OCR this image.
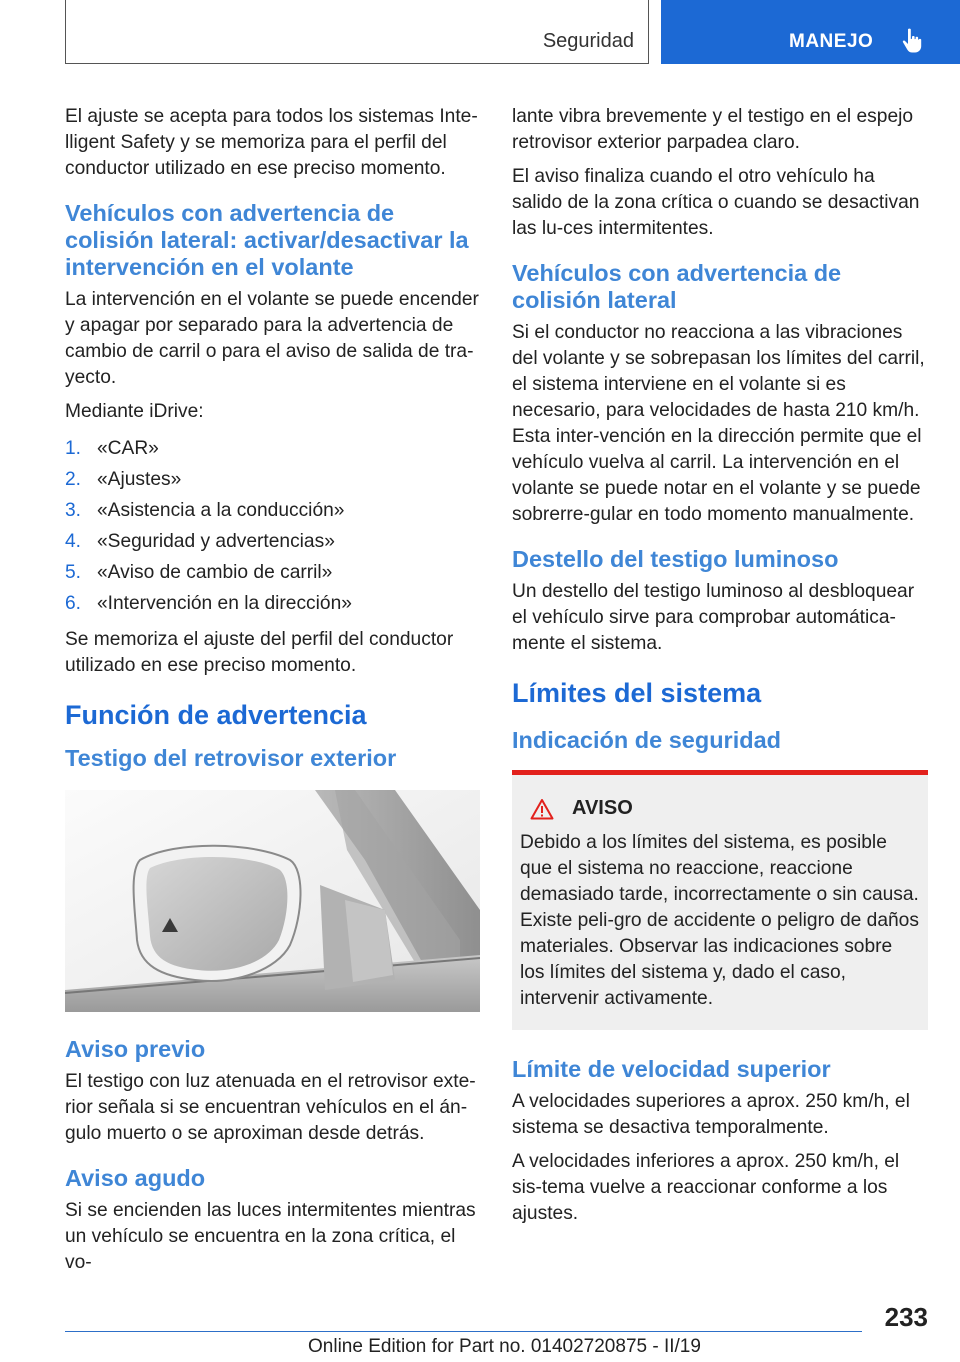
Seguridad	MANEJO

El ajuste se acepta para todos los sistemas Inte-lligent Safety y se memoriza para el perfil del conductor utilizado en ese preciso momento.

Vehículos con advertencia de colisión lateral: activar/desactivar la intervención en el volante

La intervención en el volante se puede encender y apagar por separado para la advertencia de cambio de carril o para el aviso de salida de tra-yecto.

Mediante iDrive:

1. «CAR»
2. «Ajustes»
3. «Asistencia a la conducción»
4. «Seguridad y advertencias»
5. «Aviso de cambio de carril»
6. «Intervención en la dirección»

Se memoriza el ajuste del perfil del conductor utilizado en ese preciso momento.

Función de advertencia
Testigo del retrovisor exterior
Aviso previo

El testigo con luz atenuada en el retrovisor exte-rior señala si se encuentran vehículos en el án-gulo muerto o se aproximan desde detrás.

Aviso agudo

Si se encienden las luces intermitentes mientras un vehículo se encuentra en la zona crítica, el vo-

lante vibra brevemente y el testigo en el espejo retrovisor exterior parpadea claro.

El aviso finaliza cuando el otro vehículo ha salido de la zona crítica o cuando se desactivan las lu-ces intermitentes.

Vehículos con advertencia de colisión lateral

Si el conductor no reacciona a las vibraciones del volante y se sobrepasan los límites del carril, el sistema interviene en el volante si es necesario, para velocidades de hasta 210 km/h. Esta inter-vención en la dirección permite que el vehículo vuelva al carril. La intervención en el volante se puede notar en el volante y se puede sobrerre-gular en todo momento manualmente.

Destello del testigo luminoso

Un destello del testigo luminoso al desbloquear el vehículo sirve para comprobar automática-mente el sistema.

Límites del sistema
Indicación de seguridad
AVISO

Debido a los límites del sistema, es posible que el sistema no reaccione, reaccione demasiado tarde, incorrectamente o sin causa. Existe peli-gro de accidente o peligro de daños materiales. Observar las indicaciones sobre los límites del sistema y, dado el caso, intervenir activamente.

Límite de velocidad superior

A velocidades superiores a aprox. 250 km/h, el sistema se desactiva temporalmente.

A velocidades inferiores a aprox. 250 km/h, el sis-tema vuelve a reaccionar conforme a los ajustes.

233
Online Edition for Part no. 01402720875 - II/19
